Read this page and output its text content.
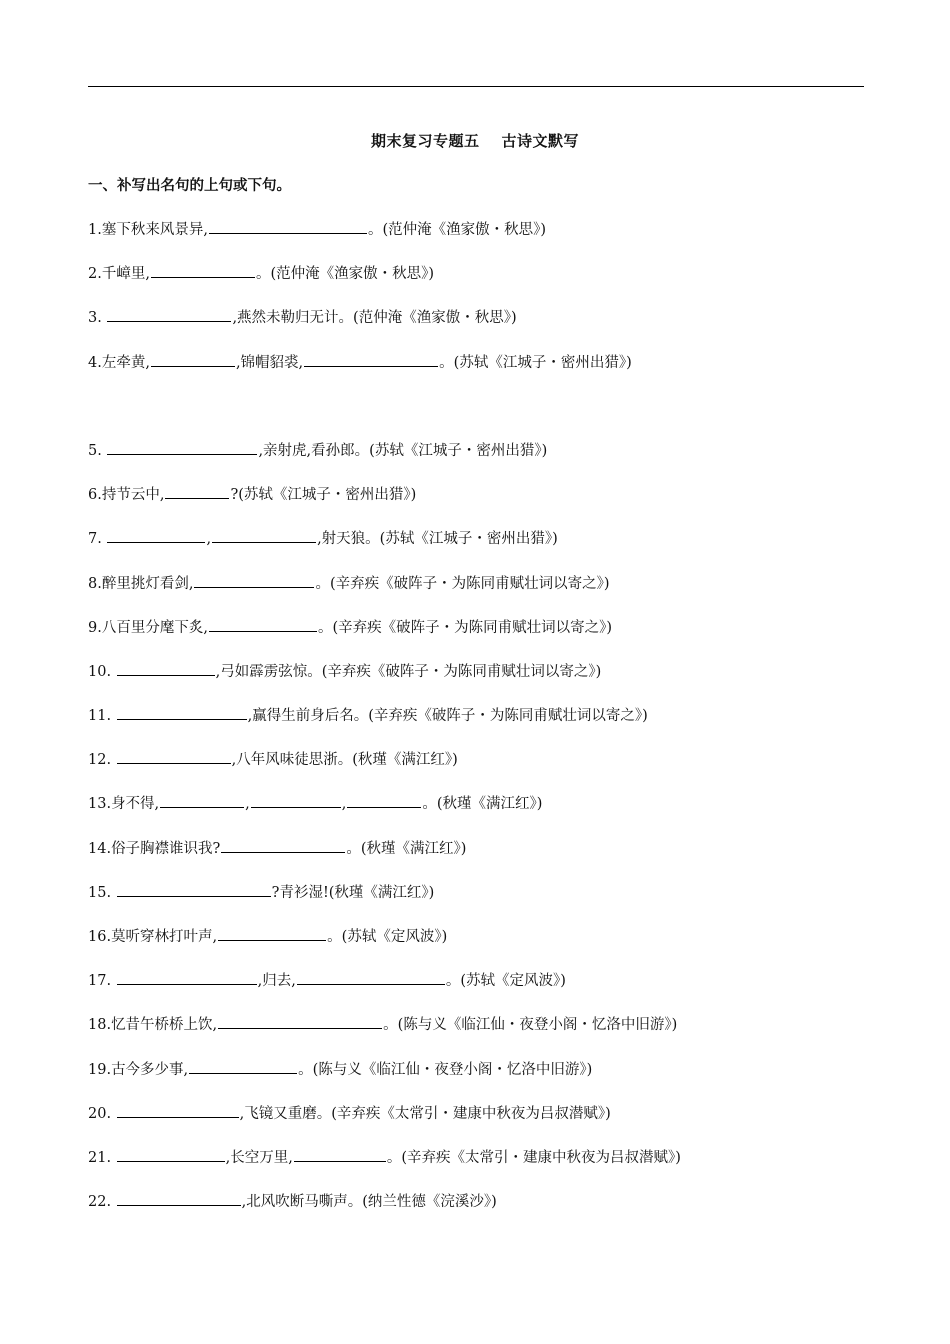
期末复习专题五 古诗文默写
一、补写出名句的上句或下句。
1.塞下秋来风景异,	。(范仲淹《渔家傲・秋思》)
2.千嶂里,	。(范仲淹《渔家傲・秋思》)
3.	,燕然未勒归无计。(范仲淹《渔家傲・秋思》)
4.左牵黄,	,锦帽貂裘,	。(苏轼《江城子・密州出猎》)
5.	,亲射虎,看孙郎。(苏轼《江城子・密州出猎》)
6.持节云中,	?(苏轼《江城子・密州出猎》)
7.	,	,射天狼。(苏轼《江城子・密州出猎》)
8.醉里挑灯看剑,	。(辛弃疾《破阵子・为陈同甫赋壮词以寄之》)
9.八百里分麾下炙,	。(辛弃疾《破阵子・为陈同甫赋壮词以寄之》)
10.	,弓如霹雳弦惊。(辛弃疾《破阵子・为陈同甫赋壮词以寄之》)
11.	,赢得生前身后名。(辛弃疾《破阵子・为陈同甫赋壮词以寄之》)
12.	,八年风味徒思浙。(秋瑾《满江红》)
13.身不得,	,	,	。(秋瑾《满江红》)
14.俗子胸襟谁识我?	。(秋瑾《满江红》)
15.	?青衫湿!(秋瑾《满江红》)
16.莫听穿林打叶声,	。(苏轼《定风波》)
17.	,归去,	。(苏轼《定风波》)
18.忆昔午桥桥上饮,	。(陈与义《临江仙・夜登小阁・忆洛中旧游》)
19.古今多少事,	。(陈与义《临江仙・夜登小阁・忆洛中旧游》)
20.	,飞镜又重磨。(辛弃疾《太常引・建康中秋夜为吕叔潜赋》)
21.	,长空万里,	。(辛弃疾《太常引・建康中秋夜为吕叔潜赋》)
22.	,北风吹断马嘶声。(纳兰性德《浣溪沙》)
